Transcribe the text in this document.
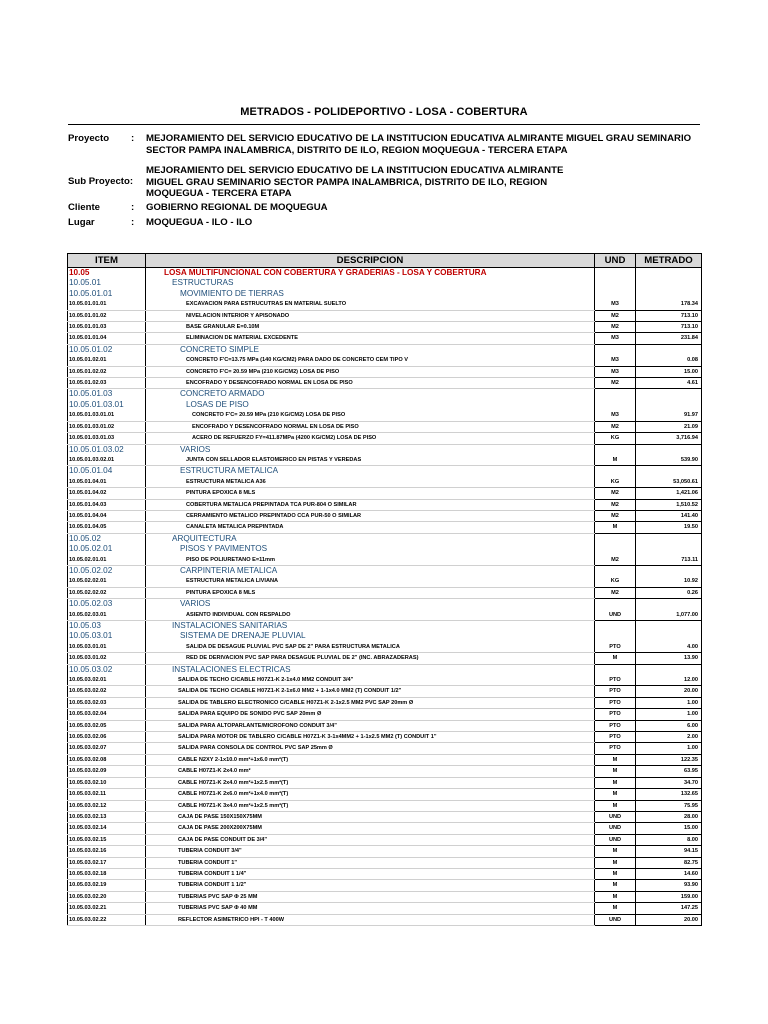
METRADOS - POLIDEPORTIVO - LOSA - COBERTURA
Proyecto : MEJORAMIENTO DEL SERVICIO EDUCATIVO DE LA INSTITUCION EDUCATIVA ALMIRANTE MIGUEL GRAU SEMINARIO SECTOR PAMPA INALAMBRICA, DISTRITO DE ILO, REGION MOQUEGUA - TERCERA ETAPA
Sub Proyecto:
MEJORAMIENTO DEL SERVICIO EDUCATIVO DE LA INSTITUCION EDUCATIVA ALMIRANTE MIGUEL GRAU SEMINARIO SECTOR PAMPA INALAMBRICA, DISTRITO DE ILO, REGION MOQUEGUA - TERCERA ETAPA
Cliente	: GOBIERNO REGIONAL DE MOQUEGUA
Lugar	: MOQUEGUA - ILO - ILO
ITEM	DESCRIPCION	UND	METRADO
10.05	LOSA MULTIFUNCIONAL CON COBERTURA Y GRADERIAS - LOSA Y COBERTURA		
10.05.01	ESTRUCTURAS		
10.05.01.01	MOVIMIENTO DE TIERRAS		
10.05.01.01.01	EXCAVACION PARA ESTRUCUTRAS EN MATERIAL SUELTO	M3	178.34
10.05.01.01.02	NIVELACION INTERIOR Y APISONADO	M2	713.10
10.05.01.01.03	BASE GRANULAR E=0.10M	M2	713.10
10.05.01.01.04	ELIMINACION DE MATERIAL EXCEDENTE	M3	231.84
10.05.01.02	CONCRETO SIMPLE		
10.05.01.02.01	CONCRETO F'C=13.75 MPa (140 KG/CM2) PARA DADO DE CONCRETO CEM TIPO V	M3	0.08
10.05.01.02.02	CONCRETO F'C= 20.59 MPa (210 KG/CM2) LOSA DE PISO	M3	15.00
10.05.01.02.03	ENCOFRADO Y DESENCOFRADO NORMAL EN LOSA DE PISO	M2	4.61
10.05.01.03	CONCRETO ARMADO		
10.05.01.03.01	LOSAS DE PISO		
10.05.01.03.01.01	CONCRETO F'C= 20.59 MPa (210 KG/CM2) LOSA DE PISO	M3	91.97
10.05.01.03.01.02	ENCOFRADO Y DESENCOFRADO NORMAL EN LOSA DE PISO	M2	21.09
10.05.01.03.01.03	ACERO DE REFUERZO FY=411.87MPa (4200 KG/CM2) LOSA DE PISO	KG	3,716.94
10.05.01.03.02	VARIOS		
10.05.01.03.02.01	JUNTA CON SELLADOR ELASTOMERICO EN PISTAS Y VEREDAS	M	539.90
10.05.01.04	ESTRUCTURA METALICA		
10.05.01.04.01	ESTRUCTURA METALICA A36	KG	53,050.61
10.05.01.04.02	PINTURA EPOXICA 8 MLS	M2	1,421.06
10.05.01.04.03	COBERTURA METALICA PREPINTADA TCA PUR-804 O SIMILAR	M2	1,510.52
10.05.01.04.04	CERRAMIENTO METALICO PREPINTADO CCA PUR-50 O SIMILAR	M2	141.40
10.05.01.04.05	CANALETA METALICA PREPINTADA	M	19.50
10.05.02	ARQUITECTURA		
10.05.02.01	PISOS Y PAVIMENTOS		
10.05.02.01.01	PISO DE POLIURETANO E=11mm	M2	713.11
10.05.02.02	CARPINTERIA METALICA		
10.05.02.02.01	ESTRUCTURA METALICA LIVIANA	KG	10.92
10.05.02.02.02	PINTURA EPOXICA 8 MLS	M2	0.26
10.05.02.03	VARIOS		
10.05.02.03.01	ASIENTO INDIVIDUAL CON RESPALDO	UND	1,077.00
10.05.03	INSTALACIONES SANITARIAS		
10.05.03.01	SISTEMA DE DRENAJE PLUVIAL		
10.05.03.01.01	SALIDA DE DESAGUE PLUVIAL PVC SAP DE 2" PARA ESTRUCTURA METALICA	PTO	4.00
10.05.03.01.02	RED DE DERIVACION PVC SAP PARA DESAGUE PLUVIAL DE 2" (INC. ABRAZADERAS)	M	13.90
10.05.03.02	INSTALACIONES ELECTRICAS		
10.05.03.02.01	SALIDA DE TECHO C/CABLE H07Z1-K 2-1x4.0 MM2 CONDUIT 3/4"	PTO	12.00
10.05.03.02.02	SALIDA DE TECHO C/CABLE H07Z1-K 2-1x6.0 MM2 + 1-1x4.0 MM2 (T) CONDUIT 1/2"	PTO	20.00
10.05.03.02.03	SALIDA DE TABLERO ELECTRONICO C/CABLE H07Z1-K 2-1x2.5 MM2 PVC SAP 20mm Ø	PTO	1.00
10.05.03.02.04	SALIDA PARA EQUIPO DE SONIDO PVC SAP 20mm Ø	PTO	1.00
10.05.03.02.05	SALIDA PARA ALTOPARLANTE/MICROFONO CONDUIT 3/4"	PTO	6.00
10.05.03.02.06	SALIDA PARA MOTOR DE TABLERO C/CABLE H07Z1-K 3-1x4MM2 + 1-1x2.5 MM2 (T) CONDUIT 1"	PTO	2.00
10.05.03.02.07	SALIDA PARA CONSOLA DE CONTROL PVC SAP 25mm Ø	PTO	1.00
10.05.03.02.08	CABLE N2XY 2-1x10.0 mm²+1x6.0 mm²(T)	M	122.35
10.05.03.02.09	CABLE H07Z1-K 2x4.0 mm²	M	63.95
10.05.03.02.10	CABLE H07Z1-K 2x4.0 mm²+1x2.5 mm²(T)	M	34.70
10.05.03.02.11	CABLE H07Z1-K 2x6.0 mm²+1x4.0 mm²(T)	M	132.65
10.05.03.02.12	CABLE H07Z1-K 3x4.0 mm²+1x2.5 mm²(T)	M	75.95
10.05.03.02.13	CAJA DE PASE 150X150X75MM	UND	28.00
10.05.03.02.14	CAJA DE PASE 200X200X75MM	UND	15.00
10.05.03.02.15	CAJA DE PASE CONDUIT DE 3/4"	UND	8.00
10.05.03.02.16	TUBERIA CONDUIT 3/4"	M	94.15
10.05.03.02.17	TUBERIA CONDUIT 1"	M	82.75
10.05.03.02.18	TUBERIA CONDUIT 1 1/4"	M	14.60
10.05.03.02.19	TUBERIA CONDUIT 1 1/2"	M	93.90
10.05.03.02.20	TUBERIAS PVC SAP Φ 25 MM	M	159.00
10.05.03.02.21	TUBERIAS PVC SAP Φ 40 MM	M	147.25
10.05.03.02.22	REFLECTOR ASIMETRICO HPI - T 400W	UND	20.00
